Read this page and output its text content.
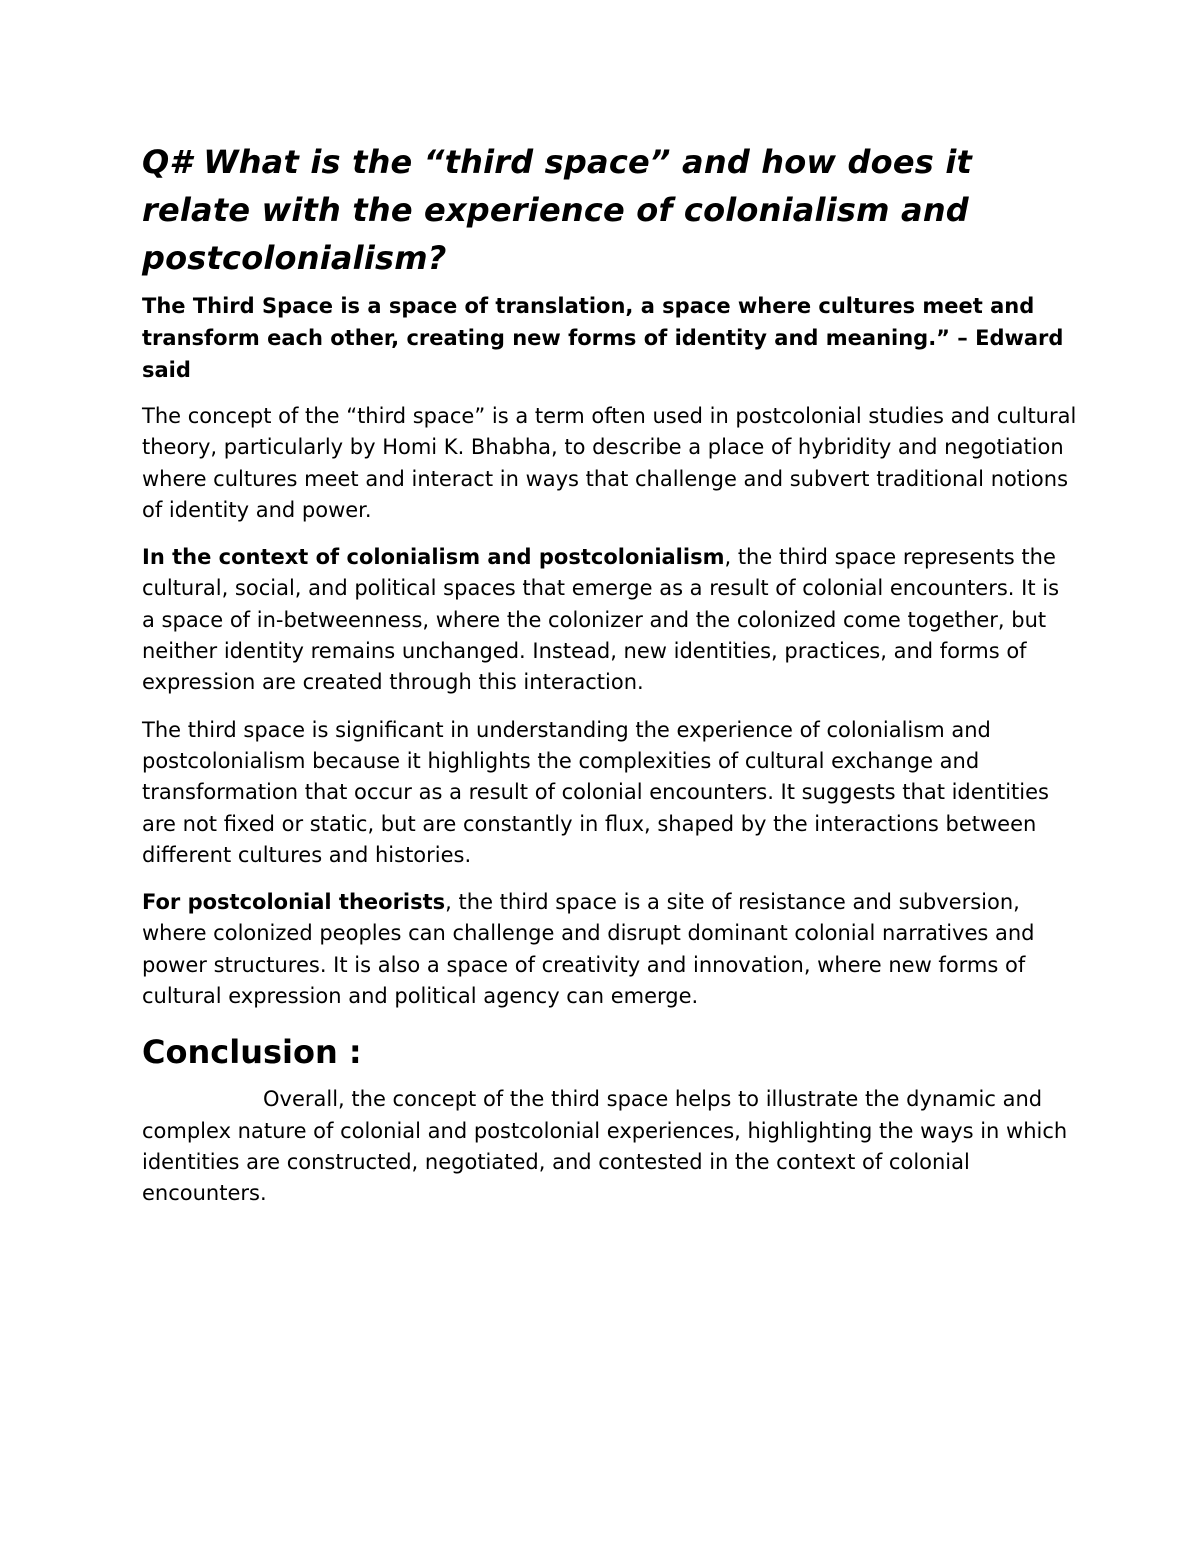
Q# What is the “third space” and how does it relate with the experience of colonialism and postcolonialism?

The Third Space is a space of translation, a space where cultures meet and transform each other, creating new forms of identity and meaning.” – Edward said

The concept of the “third space” is a term often used in postcolonial studies and cultural theory, particularly by Homi K. Bhabha, to describe a place of hybridity and negotiation where cultures meet and interact in ways that challenge and subvert traditional notions of identity and power.

In the context of colonialism and postcolonialism, the third space represents the cultural, social, and political spaces that emerge as a result of colonial encounters. It is a space of in-betweenness, where the colonizer and the colonized come together, but neither identity remains unchanged. Instead, new identities, practices, and forms of expression are created through this interaction.

The third space is significant in understanding the experience of colonialism and postcolonialism because it highlights the complexities of cultural exchange and transformation that occur as a result of colonial encounters. It suggests that identities are not fixed or static, but are constantly in flux, shaped by the interactions between different cultures and histories.

For postcolonial theorists, the third space is a site of resistance and subversion, where colonized peoples can challenge and disrupt dominant colonial narratives and power structures. It is also a space of creativity and innovation, where new forms of cultural expression and political agency can emerge.

Conclusion :

Overall, the concept of the third space helps to illustrate the dynamic and complex nature of colonial and postcolonial experiences, highlighting the ways in which identities are constructed, negotiated, and contested in the context of colonial encounters.
